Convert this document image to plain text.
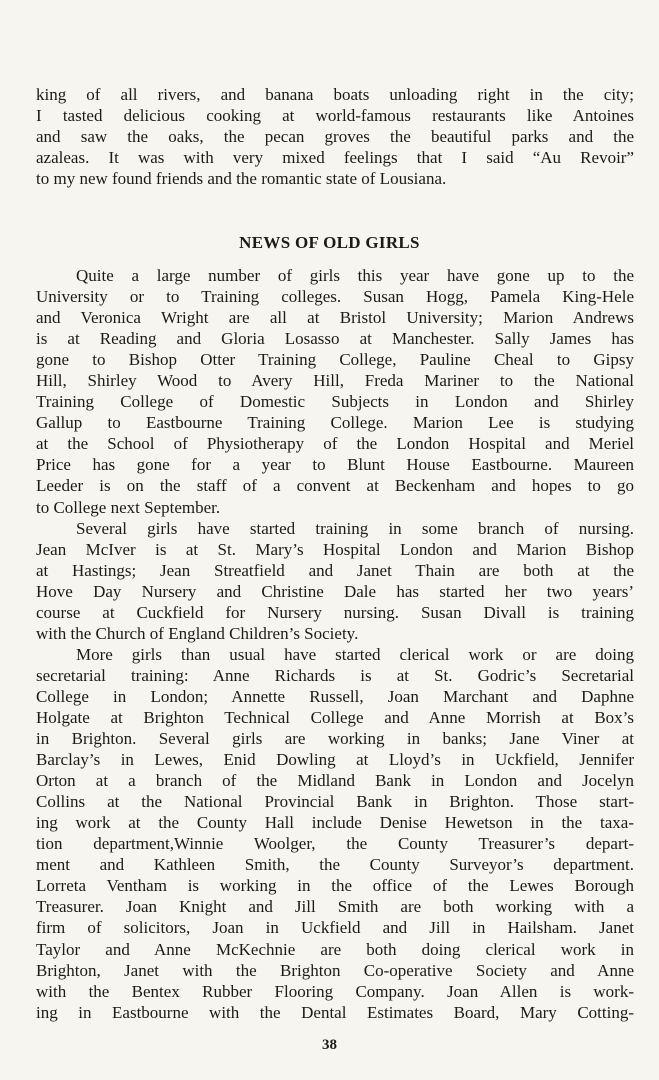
king of all rivers, and banana boats unloading right in the city;
I tasted delicious cooking at world-famous restaurants like Antoines
and saw the oaks, the pecan groves the beautiful parks and the
azaleas. It was with very mixed feelings that I said “Au Revoir”
to my new found friends and the romantic state of Lousiana.
NEWS OF OLD GIRLS
Quite a large number of girls this year have gone up to the
University or to Training colleges. Susan Hogg, Pamela King-Hele
and Veronica Wright are all at Bristol University; Marion Andrews
is at Reading and Gloria Losasso at Manchester. Sally James has
gone to Bishop Otter Training College, Pauline Cheal to Gipsy
Hill, Shirley Wood to Avery Hill, Freda Mariner to the National
Training College of Domestic Subjects in London and Shirley
Gallup to Eastbourne Training College. Marion Lee is studying
at the School of Physiotherapy of the London Hospital and Meriel
Price has gone for a year to Blunt House Eastbourne. Maureen
Leeder is on the staff of a convent at Beckenham and hopes to go
to College next September.
Several girls have started training in some branch of nursing.
Jean McIver is at St. Mary’s Hospital London and Marion Bishop
at Hastings; Jean Streatfield and Janet Thain are both at the
Hove Day Nursery and Christine Dale has started her two years’
course at Cuckfield for Nursery nursing. Susan Divall is training
with the Church of England Children’s Society.
More girls than usual have started clerical work or are doing
secretarial training: Anne Richards is at St. Godric’s Secretarial
College in London; Annette Russell, Joan Marchant and Daphne
Holgate at Brighton Technical College and Anne Morrish at Box’s
in Brighton. Several girls are working in banks; Jane Viner at
Barclay’s in Lewes, Enid Dowling at Lloyd’s in Uckfield, Jennifer
Orton at a branch of the Midland Bank in London and Jocelyn
Collins at the National Provincial Bank in Brighton. Those start-
ing work at the County Hall include Denise Hewetson in the taxa-
tion department,Winnie Woolger, the County Treasurer’s depart-
ment and Kathleen Smith, the County Surveyor’s department.
Lorreta Ventham is working in the office of the Lewes Borough
Treasurer. Joan Knight and Jill Smith are both working with a
firm of solicitors, Joan in Uckfield and Jill in Hailsham. Janet
Taylor and Anne McKechnie are both doing clerical work in
Brighton, Janet with the Brighton Co-operative Society and Anne
with the Bentex Rubber Flooring Company. Joan Allen is work-
ing in Eastbourne with the Dental Estimates Board, Mary Cotting-
38
